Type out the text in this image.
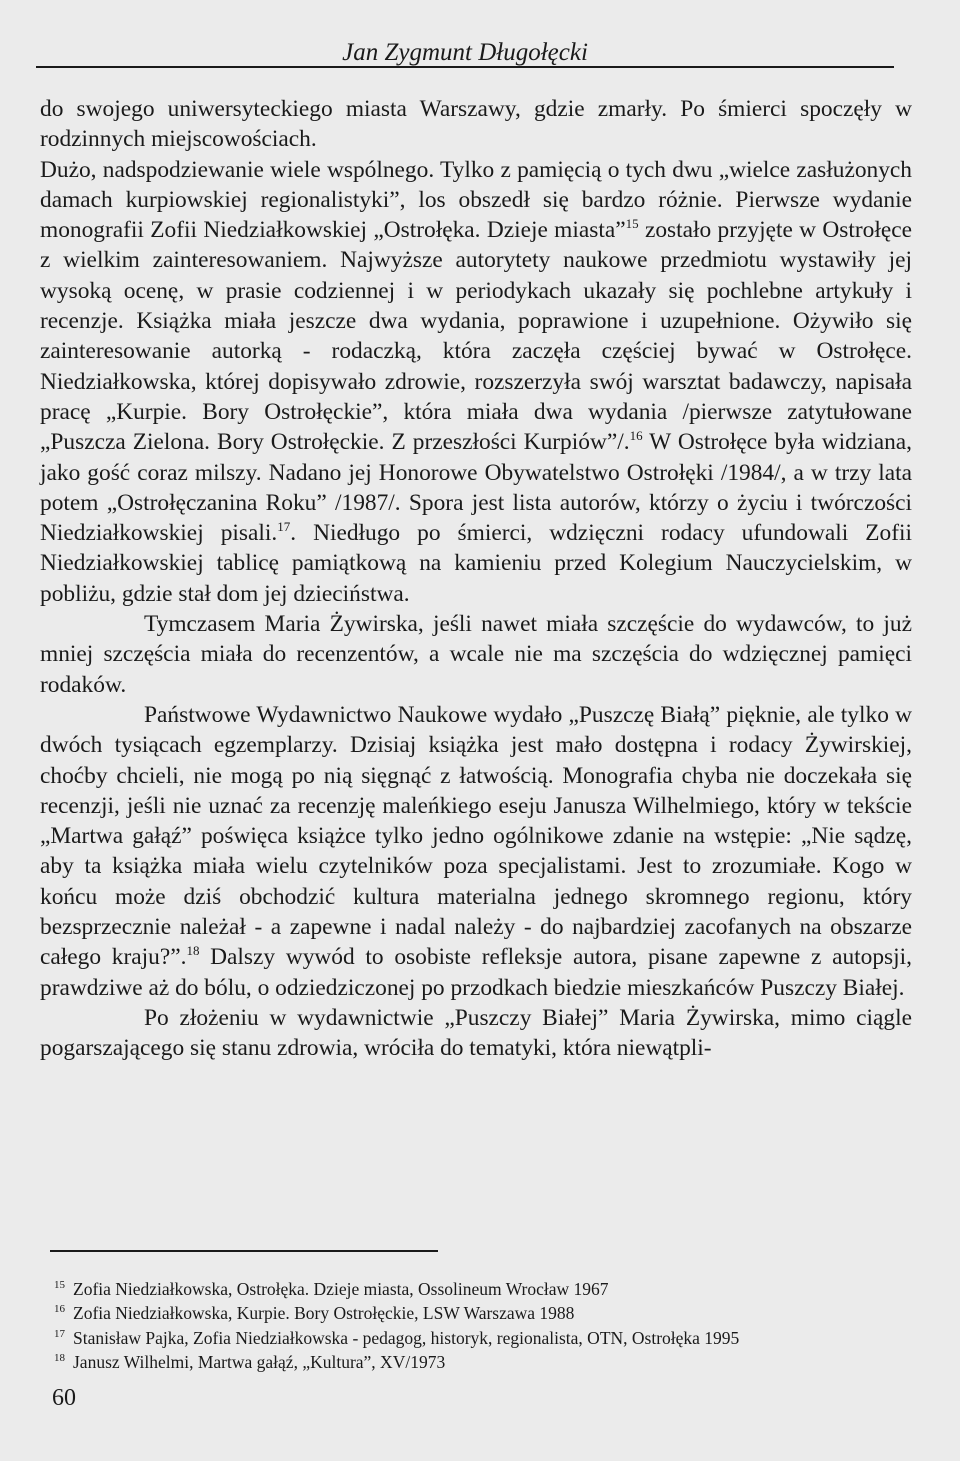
Jan Zygmunt Długołęcki

do swojego uniwersyteckiego miasta Warszawy, gdzie zmarły. Po śmierci spoczęły w rodzinnych miejscowościach.

Dużo, nadspodziewanie wiele wspólnego. Tylko z pamięcią o tych dwu „wielce zasłużonych damach kurpiowskiej regionalistyki”, los obszedł się bardzo różnie. Pierwsze wydanie monografii Zofii Niedziałkowskiej „Ostrołęka. Dzieje miasta”$^{15}$ zostało przyjęte w Ostrołęce z wielkim zainteresowaniem. Najwyższe autorytety naukowe przedmiotu wystawiły jej wysoką ocenę, w prasie codziennej i w periodykach ukazały się pochlebne artykuły i recenzje. Książka miała jeszcze dwa wydania, poprawione i uzupełnione. Ożywiło się zainteresowanie autorką - rodaczką, która zaczęła częściej bywać w Ostrołęce. Niedziałkowska, której dopisywało zdrowie, rozszerzyła swój warsztat badawczy, napisała pracę „Kurpie. Bory Ostrołęckie”, która miała dwa wydania /pierwsze zatytułowane „Puszcza Zielona. Bory Ostrołęckie. Z przeszłości Kurpiów”/.$^{16}$ W Ostrołęce była widziana, jako gość coraz milszy. Nadano jej Honorowe Obywatelstwo Ostrołęki /1984/, a w trzy lata potem „Ostrołęczanina Roku” /1987/. Spora jest lista autorów, którzy o życiu i twórczości Niedziałkowskiej pisali.$^{17}$. Niedługo po śmierci, wdzięczni rodacy ufundowali Zofii Niedziałkowskiej tablicę pamiątkową na kamieniu przed Kolegium Nauczycielskim, w pobliżu, gdzie stał dom jej dzieciństwa.

Tymczasem Maria Żywirska, jeśli nawet miała szczęście do wydawców, to już mniej szczęścia miała do recenzentów, a wcale nie ma szczęścia do wdzięcznej pamięci rodaków.

Państwowe Wydawnictwo Naukowe wydało „Puszczę Białą” pięknie, ale tylko w dwóch tysiącach egzemplarzy. Dzisiaj książka jest mało dostępna i rodacy Żywirskiej, choćby chcieli, nie mogą po nią sięgnąć z łatwością. Monografia chyba nie doczekała się recenzji, jeśli nie uznać za recenzję maleńkiego eseju Janusza Wilhelmiego, który w tekście „Martwa gałąź” poświęca książce tylko jedno ogólnikowe zdanie na wstępie: „Nie sądzę, aby ta książka miała wielu czytelników poza specjalistami. Jest to zrozumiałe. Kogo w końcu może dziś obchodzić kultura materialna jednego skromnego regionu, który bezsprzecznie należał - a zapewne i nadal należy - do najbardziej zacofanych na obszarze całego kraju?”.$^{18}$ Dalszy wywód to osobiste refleksje autora, pisane zapewne z autopsji, prawdziwe aż do bólu, o odziedziczonej po przodkach biedzie mieszkańców Puszczy Białej.

Po złożeniu w wydawnictwie „Puszczy Białej” Maria Żywirska, mimo ciągle pogarszającego się stanu zdrowia, wróciła do tematyki, która niewątpli-

$^{15}$ Zofia Niedziałkowska, Ostrołęka. Dzieje miasta, Ossolineum Wrocław 1967
$^{16}$ Zofia Niedziałkowska, Kurpie. Bory Ostrołęckie, LSW Warszawa 1988
$^{17}$ Stanisław Pajka, Zofia Niedziałkowska - pedagog, historyk, regionalista, OTN, Ostrołęka 1995
$^{18}$ Janusz Wilhelmi, Martwa gałąź, „Kultura”, XV/1973
60
